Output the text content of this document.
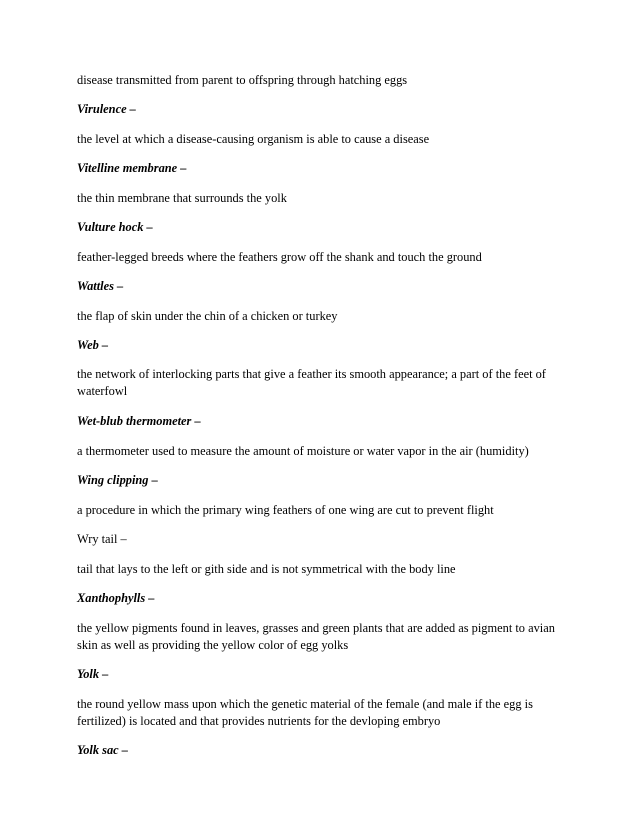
disease transmitted from parent to offspring through hatching eggs
Virulence –
the level at which a disease-causing organism is able to cause a disease
Vitelline membrane –
the thin membrane that surrounds the yolk
Vulture hock –
feather-legged breeds where the feathers grow off the shank and touch the ground
Wattles –
the flap of skin under the chin of a chicken or turkey
Web –
the network of interlocking parts that give a feather its smooth appearance; a part of the feet of waterfowl
Wet-blub thermometer –
a thermometer used to measure the amount of moisture or water vapor in the air (humidity)
Wing clipping –
a procedure in which the primary wing feathers of one wing are cut to prevent flight
Wry tail –
tail that lays to the left or gith side and is not symmetrical with the body line
Xanthophylls –
the yellow pigments found in leaves, grasses and green plants that are added as pigment to avian skin as well as providing the yellow color of egg yolks
Yolk –
the round yellow mass upon which the genetic material of the female (and male if the egg is fertilized) is located and that provides nutrients for the devloping embryo
Yolk sac –
